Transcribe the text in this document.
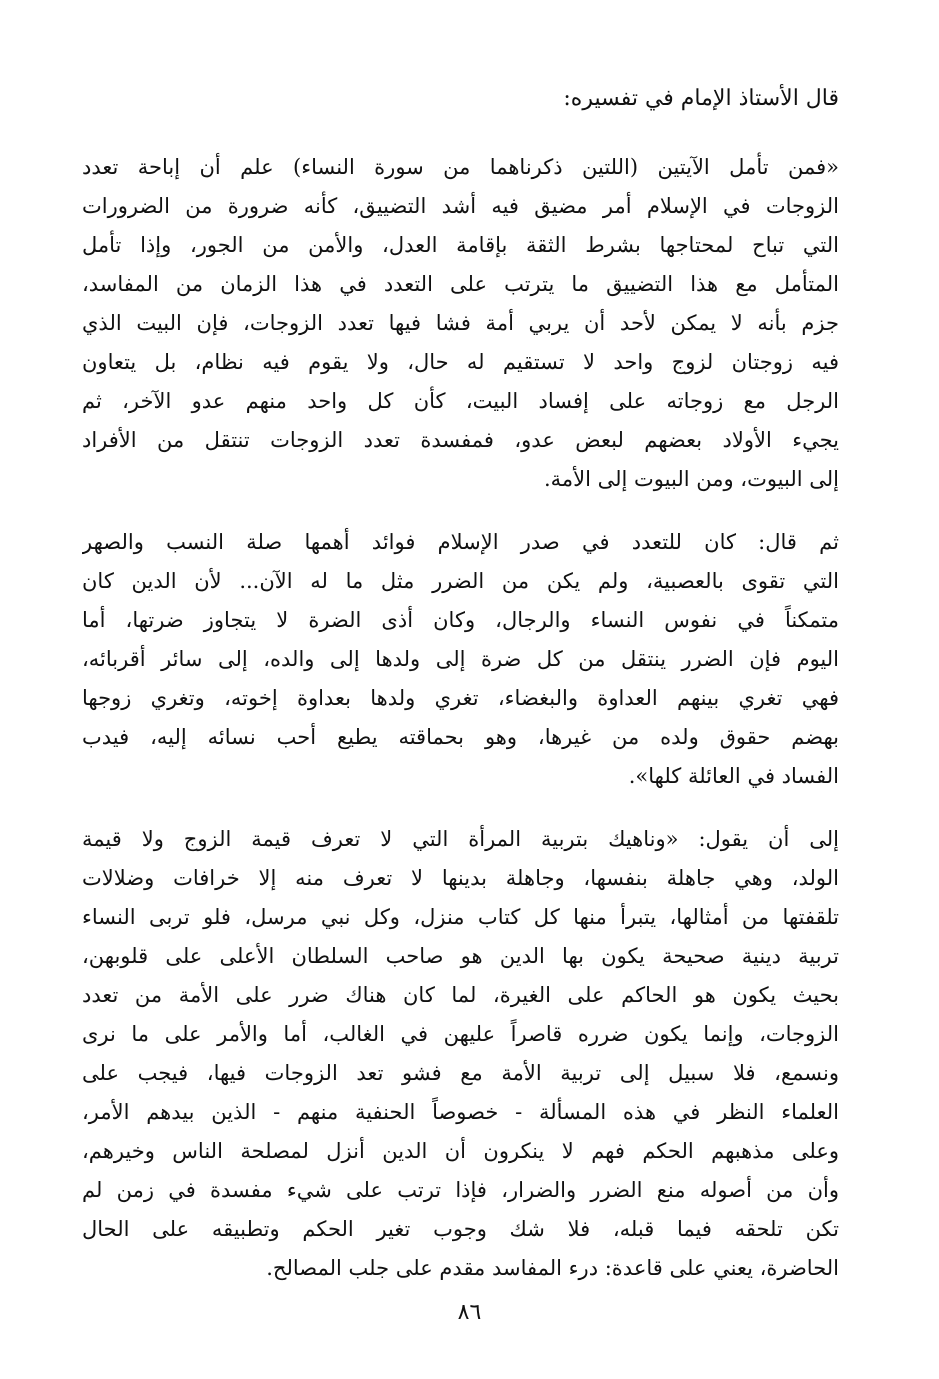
قال الأستاذ الإمام في تفسيره:
«فمن تأمل الآيتين (اللتين ذكرناهما من سورة النساء) علم أن إباحة تعدد
الزوجات في الإسلام أمر مضيق فيه أشد التضييق، كأنه ضرورة من الضرورات
التي تباح لمحتاجها بشرط الثقة بإقامة العدل، والأمن من الجور، وإذا تأمل
المتأمل مع هذا التضييق ما يترتب على التعدد في هذا الزمان من المفاسد،
جزم بأنه لا يمكن لأحد أن يربي أمة فشا فيها تعدد الزوجات، فإن البيت الذي
فيه زوجتان لزوج واحد لا تستقيم له حال، ولا يقوم فيه نظام، بل يتعاون
الرجل مع زوجاته على إفساد البيت، كأن كل واحد منهم عدو الآخر، ثم
يجيء الأولاد بعضهم لبعض عدو، فمفسدة تعدد الزوجات تنتقل من الأفراد
إلى البيوت، ومن البيوت إلى الأمة.
ثم قال: كان للتعدد في صدر الإسلام فوائد أهمها صلة النسب والصهر
التي تقوى بالعصبية، ولم يكن من الضرر مثل ما له الآن... لأن الدين كان
متمكناً في نفوس النساء والرجال، وكان أذى الضرة لا يتجاوز ضرتها، أما
اليوم فإن الضرر ينتقل من كل ضرة إلى ولدها إلى والده، إلى سائر أقربائه،
فهي تغري بينهم العداوة والبغضاء، تغري ولدها بعداوة إخوته، وتغري زوجها
بهضم حقوق ولده من غيرها، وهو بحماقته يطيع أحب نسائه إليه، فيدب
الفساد في العائلة كلها».
إلى أن يقول: «وناهيك بتربية المرأة التي لا تعرف قيمة الزوج ولا قيمة
الولد، وهي جاهلة بنفسها، وجاهلة بدينها لا تعرف منه إلا خرافات وضلالات
تلقفتها من أمثالها، يتبرأ منها كل كتاب منزل، وكل نبي مرسل، فلو تربى النساء
تربية دينية صحيحة يكون بها الدين هو صاحب السلطان الأعلى على قلوبهن،
بحيث يكون هو الحاكم على الغيرة، لما كان هناك ضرر على الأمة من تعدد
الزوجات، وإنما يكون ضرره قاصراً عليهن في الغالب، أما والأمر على ما نرى
ونسمع، فلا سبيل إلى تربية الأمة مع فشو تعد الزوجات فيها، فيجب على
العلماء النظر في هذه المسألة - خصوصاً الحنفية منهم - الذين بيدهم الأمر،
وعلى مذهبهم الحكم فهم لا ينكرون أن الدين أنزل لمصلحة الناس وخيرهم،
وأن من أصوله منع الضرر والضرار، فإذا ترتب على شيء مفسدة في زمن لم
تكن تلحقه فيما قبله، فلا شك وجوب تغير الحكم وتطبيقه على الحال
الحاضرة، يعني على قاعدة: درء المفاسد مقدم على جلب المصالح.
٨٦
